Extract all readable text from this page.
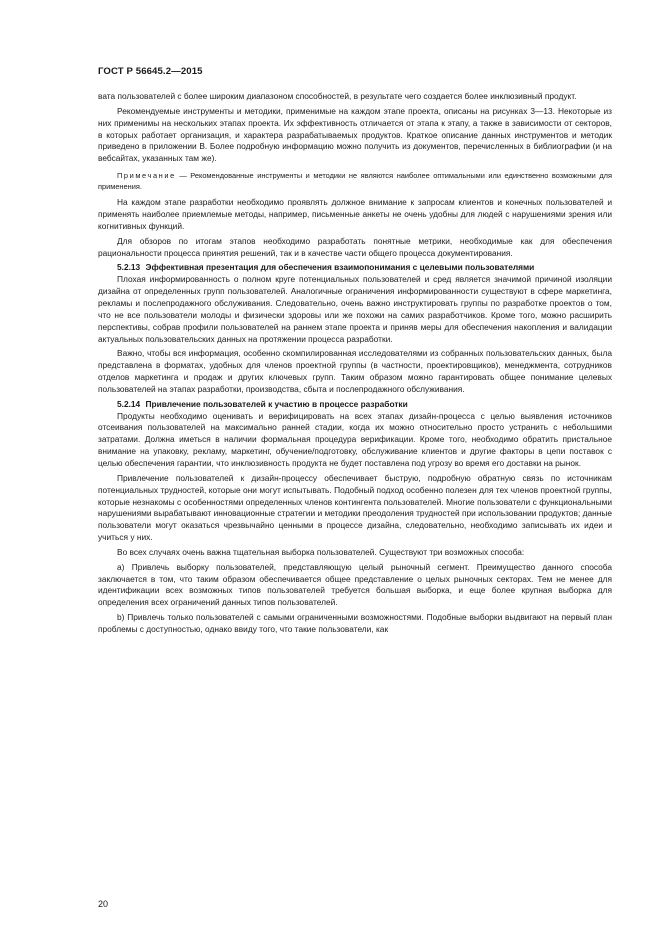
ГОСТ Р 56645.2—2015

вата пользователей с более широким диапазоном способностей, в результате чего создается более инклюзивный продукт.

Рекомендуемые инструменты и методики, применимые на каждом этапе проекта, описаны на рисунках 3—13. Некоторые из них применимы на нескольких этапах проекта. Их эффективность отличается от этапа к этапу, а также в зависимости от секторов, в которых работает организация, и характера разрабатываемых продуктов. Краткое описание данных инструментов и методик приведено в приложении В. Более подробную информацию можно получить из документов, перечисленных в библиографии (и на вебсайтах, указанных там же).

Примечание — Рекомендованные инструменты и методики не являются наиболее оптимальными или единственно возможными для применения.

На каждом этапе разработки необходимо проявлять должное внимание к запросам клиентов и конечных пользователей и применять наиболее приемлемые методы, например, письменные анкеты не очень удобны для людей с нарушениями зрения или когнитивных функций.

Для обзоров по итогам этапов необходимо разработать понятные метрики, необходимые как для обеспечения рациональности процесса принятия решений, так и в качестве части общего процесса документирования.

5.2.13 Эффективная презентация для обеспечения взаимопонимания с целевыми пользователями

Плохая информированность о полном круге потенциальных пользователей и сред является значимой причиной изоляции дизайна от определенных групп пользователей. Аналогичные ограничения информированности существуют в сфере маркетинга, рекламы и послепродажного обслуживания. Следовательно, очень важно инструктировать группы по разработке проектов о том, что не все пользователи молоды и физически здоровы или же похожи на самих разработчиков. Кроме того, можно расширить перспективы, собрав профили пользователей на раннем этапе проекта и приняв меры для обеспечения накопления и валидации актуальных пользовательских данных на протяжении процесса разработки.

Важно, чтобы вся информация, особенно скомпилированная исследователями из собранных пользовательских данных, была представлена в форматах, удобных для членов проектной группы (в частности, проектировщиков), менеджмента, сотрудников отделов маркетинга и продаж и других ключевых групп. Таким образом можно гарантировать общее понимание целевых пользователей на этапах разработки, производства, сбыта и послепродажного обслуживания.

5.2.14 Привлечение пользователей к участию в процессе разработки

Продукты необходимо оценивать и верифицировать на всех этапах дизайн-процесса с целью выявления источников отсеивания пользователей на максимально ранней стадии, когда их можно относительно просто устранить с небольшими затратами. Должна иметься в наличии формальная процедура верификации. Кроме того, необходимо обратить пристальное внимание на упаковку, рекламу, маркетинг, обучение/подготовку, обслуживание клиентов и другие факторы в цепи поставок с целью обеспечения гарантии, что инклюзивность продукта не будет поставлена под угрозу во время его доставки на рынок.

Привлечение пользователей к дизайн-процессу обеспечивает быструю, подробную обратную связь по источникам потенциальных трудностей, которые они могут испытывать. Подобный подход особенно полезен для тех членов проектной группы, которые незнакомы с особенностями определенных членов контингента пользователей. Многие пользователи с функциональными нарушениями вырабатывают инновационные стратегии и методики преодоления трудностей при использовании продуктов; данные пользователи могут оказаться чрезвычайно ценными в процессе дизайна, следовательно, необходимо записывать их идеи и учиться у них.

Во всех случаях очень важна тщательная выборка пользователей. Существуют три возможных способа:

а) Привлечь выборку пользователей, представляющую целый рыночный сегмент. Преимущество данного способа заключается в том, что таким образом обеспечивается общее представление о целых рыночных секторах. Тем не менее для идентификации всех возможных типов пользователей требуется большая выборка, и еще более крупная выборка для определения всех ограничений данных типов пользователей.

b) Привлечь только пользователей с самыми ограниченными возможностями. Подобные выборки выдвигают на первый план проблемы с доступностью, однако ввиду того, что такие пользователи, как

20
